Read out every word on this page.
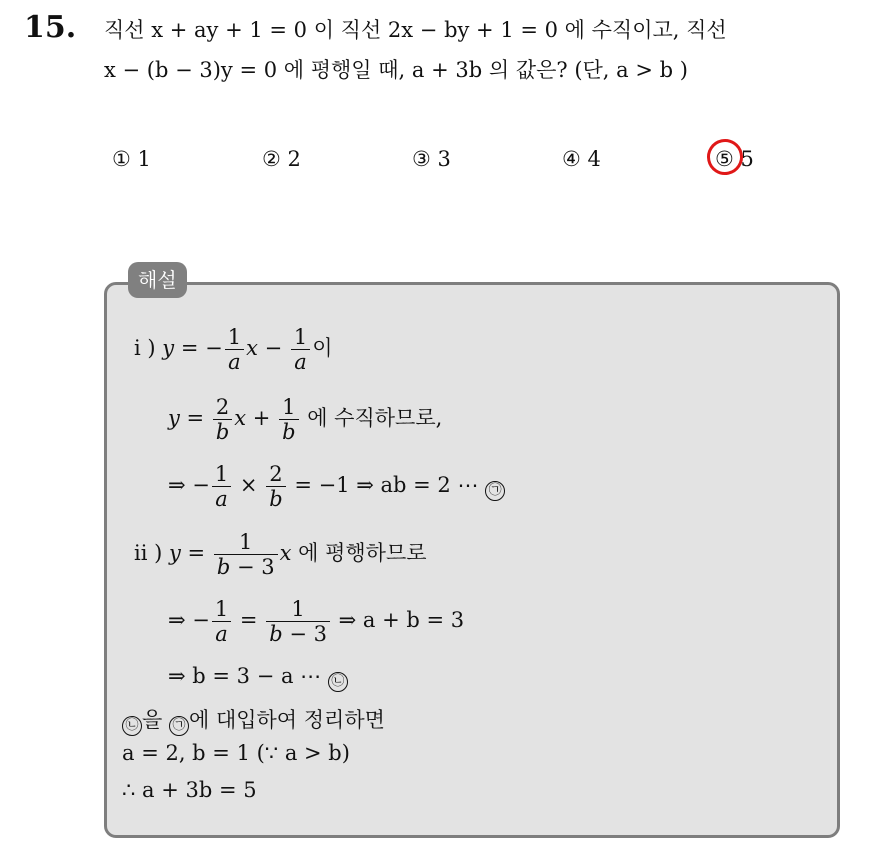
15. 직선 x + ay + 1 = 0 이 직선 2x − by + 1 = 0 에 수직이고, 직선
x − (b − 3)y = 0 에 평행일 때, a + 3b 의 값은? (단, a > b )
① 1	② 2	③ 3	④ 4	⑤ 5
해설
i ) y = − $\frac{1}{a}$ $x - \frac{1}{a}$ 이
$y = \frac{2}{b}$ $x + \frac{1}{b}$ 에 수직하므로,
⇒ − $\frac{1}{a} \times \frac{2}{b} = -1$ ⇒ ab = 2 ⋯ ㉠
ii ) $y = \frac{1}{b - 3}$ x 에 평행하므로
⇒ − $\frac{1}{a} = \frac{1}{b - 3}$ ⇒ a + b = 3
⇒ b = 3 − a ⋯ ㉡
㉡ 을 ㉠ 에 대입하여 정리하면
a = 2, b = 1 (∵ a > b)
∴ a + 3b = 5
